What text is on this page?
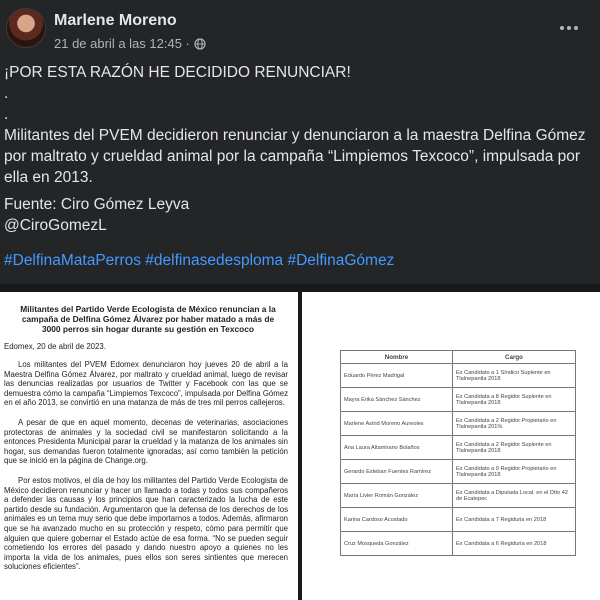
Marlene Moreno
21 de abril a las 12:45 ·

¡POR ESTA RAZÓN HE DECIDIDO RENUNCIAR!

.

.

Militantes del PVEM decidieron renunciar y denunciaron a la maestra Delfina Gómez por maltrato y crueldad animal por la campaña “Limpiemos Texcoco”, impulsada por ella en 2013.

Fuente: Ciro Gómez Leyva

@CiroGomezL

#DelfinaMataPerros #delfinasedesploma #DelfinaGómez
Militantes del Partido Verde Ecologista de México renuncian a la campaña de Delfina Gómez Álvarez por haber matado a más de 3000 perros sin hogar durante su gestión en Texcoco
Edomex, 20 de abril de 2023.
Los militantes del PVEM Edomex denunciaron hoy jueves 20 de abril a la Maestra Delfina Gómez Álvarez, por maltrato y crueldad animal, luego de revisar las denuncias realizadas por usuarios de Twitter y Facebook con las que se demuestra cómo la campaña “Limpiemos Texcoco”, impulsada por Delfina Gómez en el año 2013, se convirtió en una matanza de más de tres mil perros callejeros.
A pesar de que en aquel momento, decenas de veterinarias, asociaciones protectoras de animales y la sociedad civil se manifestaron solicitando a la entonces Presidenta Municipal parar la crueldad y la matanza de los animales sin hogar, sus demandas fueron totalmente ignoradas; así como también la petición que se inició en la página de Change.org.
Por estos motivos, el día de hoy los militantes del Partido Verde Ecologista de México decidieron renunciar y hacer un llamado a todas y todos sus compañeros a defender las causas y los principios que han caracterizado la lucha de este partido desde su fundación. Argumentaron que la defensa de los derechos de los animales es un tema muy serio que debe importarnos a todos. Además, afirmaron que se ha avanzado mucho en su protección y respeto, cómo para permitir que alguien que quiere gobernar el Estado actúe de esa forma. “No se pueden seguir cometiendo los errores del pasado y dando nuestro apoyo a quienes no les importa la vida de los animales, pues ellos son seres sintientes que merecen soluciones eficientes”.
Nombre	Cargo
Eduardo Pérez Madrigal	Ex Candidato a 1 Síndico Suplente en Tlalnepantla 2018
Mayra Erika Sánchez Sánchez	Ex Candidata a 8 Regidor Suplente en Tlalnepantla 2018
Marlene Astrid Moreno Aureoles	Ex Candidata a 2 Regidor Propietario en Tlalnepantla 201%
Ana Laura Altamirano Bolaños	Ex Candidata a 2 Regidor Suplente en Tlalnepantla 2018
Gerardo Esteban Fuentes Ramírez	Ex Candidato a 9 Regidor Propietario en Tlalnepantla 2018
María Livier Román González	Ex Candidata a Diputada Local. en el Dtto 42 de Ecatepec
Karina Cardoso Acostado	Ex Candidata a 7 Regiduria en 2018
Cruz Mosqueda González	Ex Candidata a 6 Regiduría en 2018
